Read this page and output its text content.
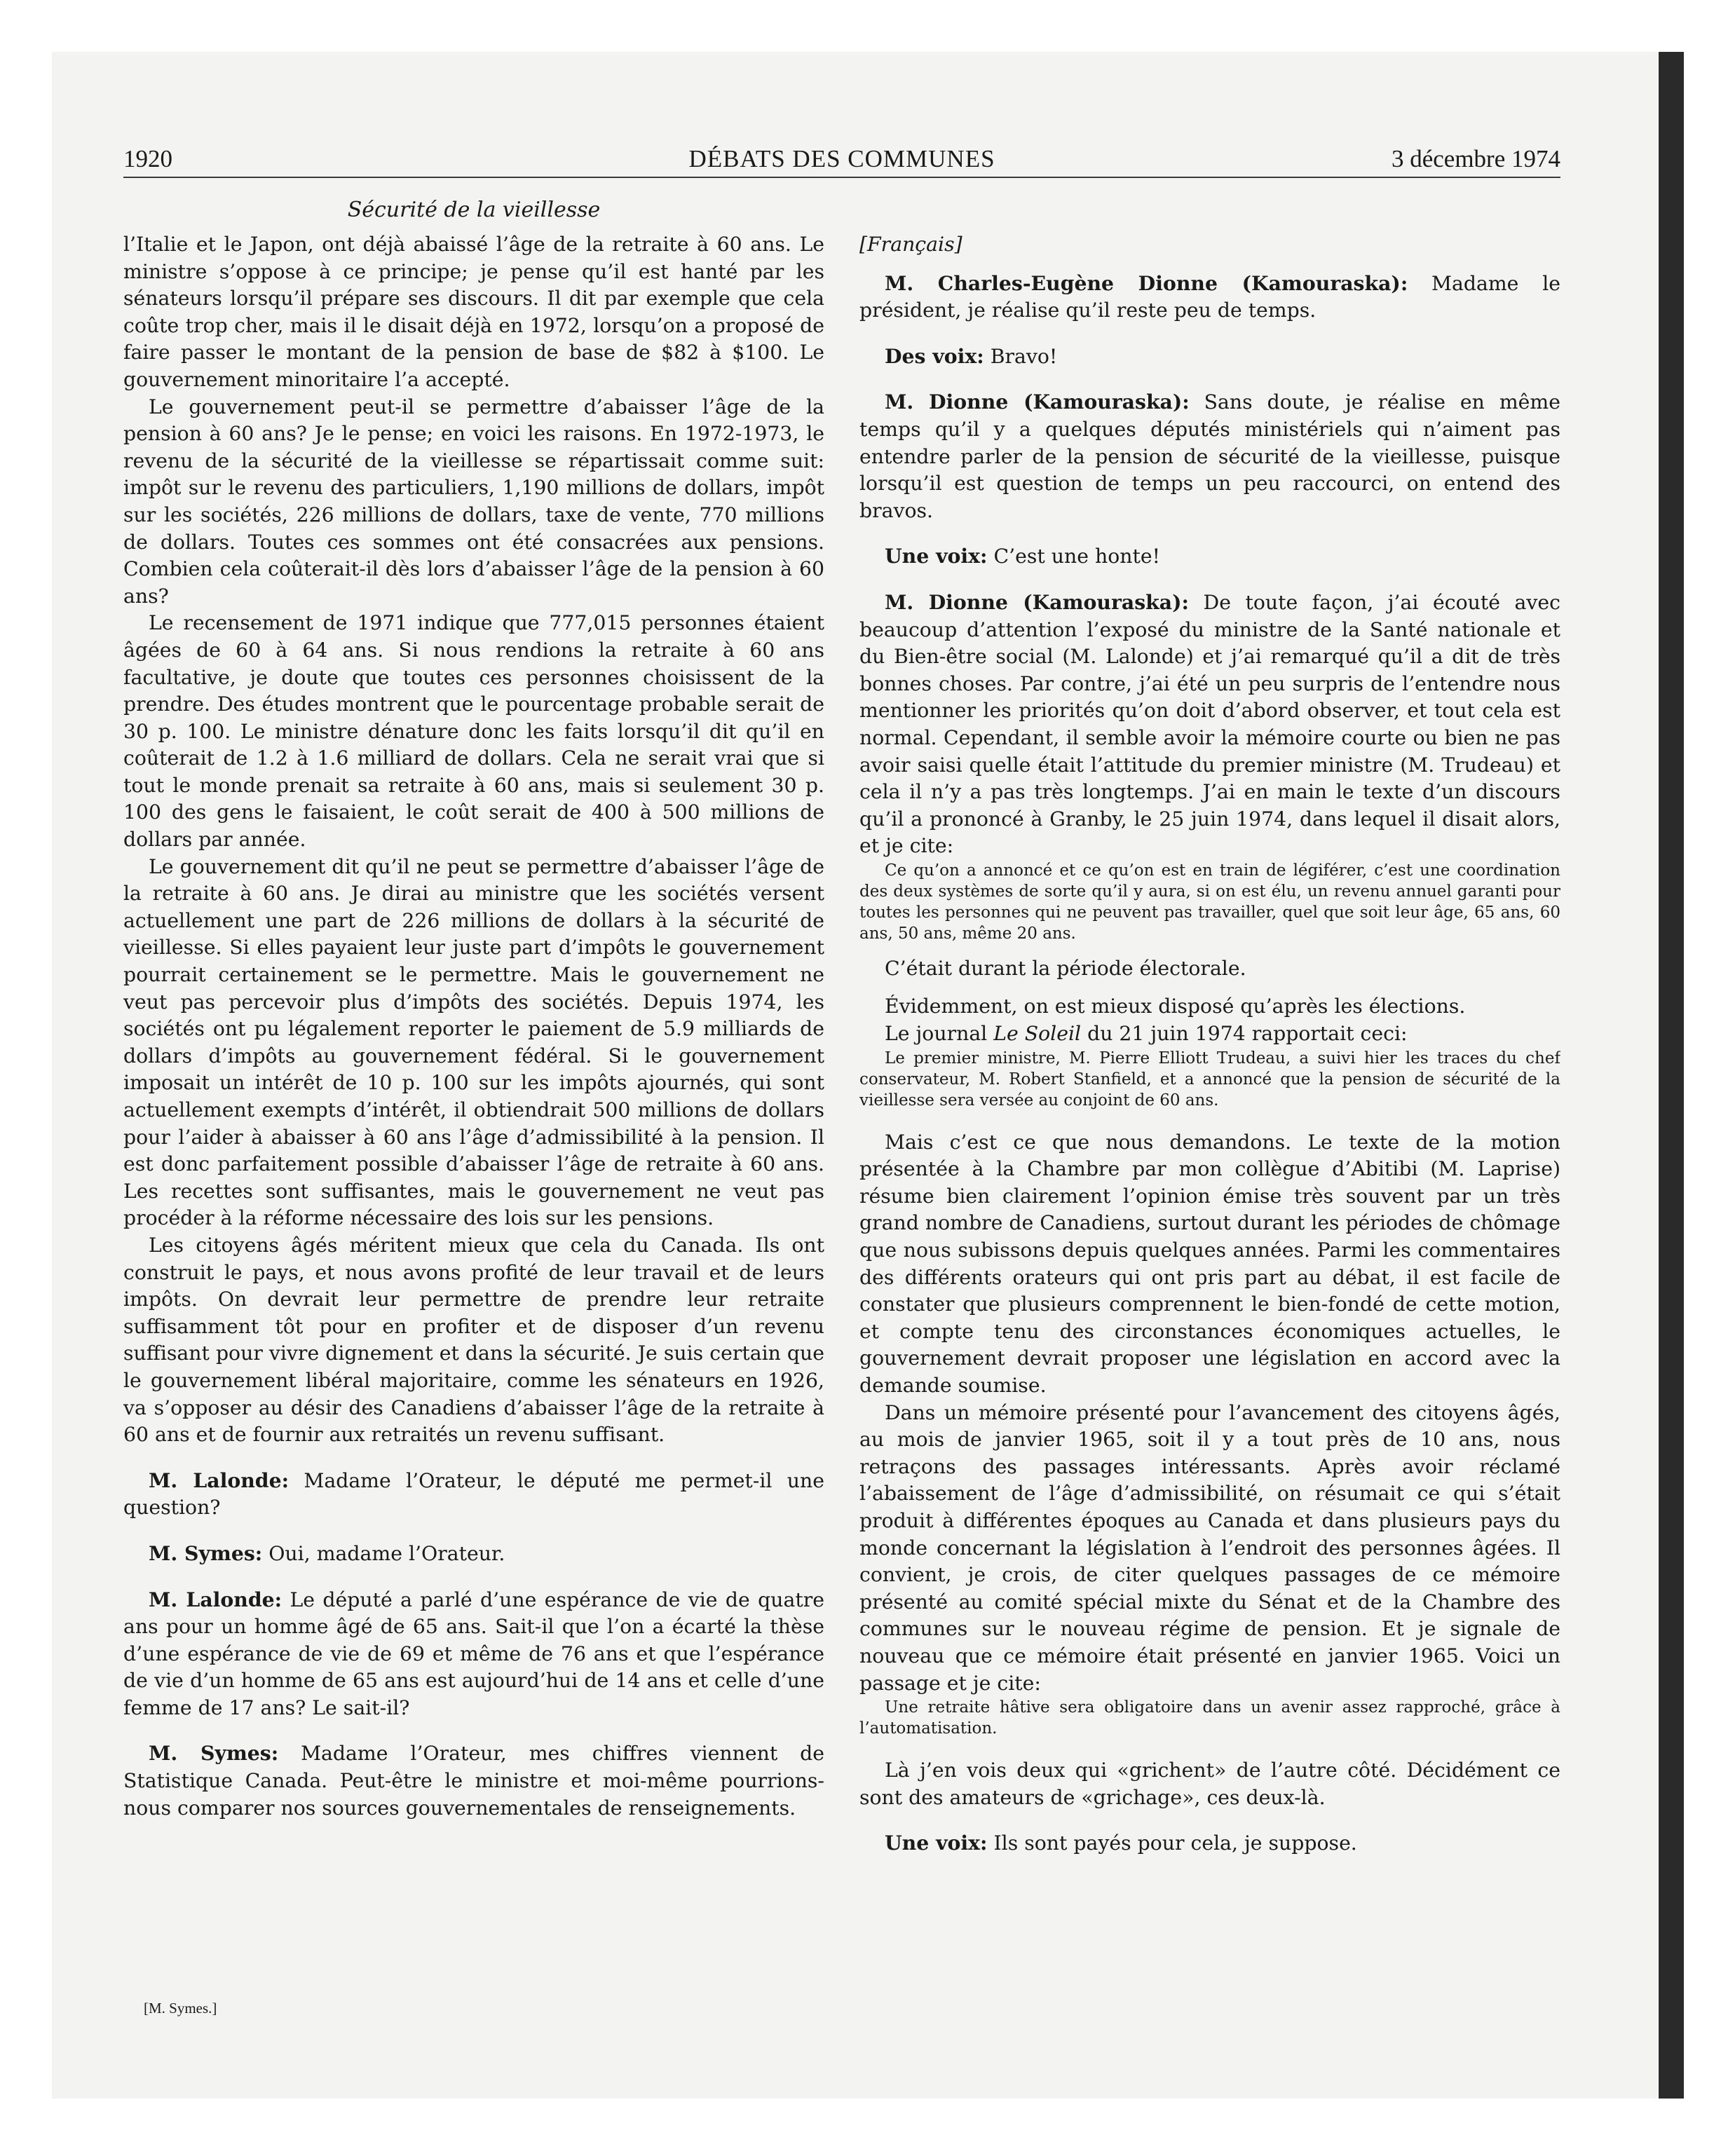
1920	DÉBATS DES COMMUNES	3 décembre 1974
Sécurité de la vieillesse

l’Italie et le Japon, ont déjà abaissé l’âge de la retraite à 60 ans. Le ministre s’oppose à ce principe; je pense qu’il est hanté par les sénateurs lorsqu’il prépare ses discours. Il dit par exemple que cela coûte trop cher, mais il le disait déjà en 1972, lorsqu’on a proposé de faire passer le montant de la pension de base de $82 à $100. Le gouvernement minoritaire l’a accepté.

Le gouvernement peut-il se permettre d’abaisser l’âge de la pension à 60 ans? Je le pense; en voici les raisons. En 1972-1973, le revenu de la sécurité de la vieillesse se répartissait comme suit: impôt sur le revenu des particuliers, 1,190 millions de dollars, impôt sur les sociétés, 226 millions de dollars, taxe de vente, 770 millions de dollars. Toutes ces sommes ont été consacrées aux pensions. Combien cela coûterait-il dès lors d’abaisser l’âge de la pension à 60 ans?

Le recensement de 1971 indique que 777,015 personnes étaient âgées de 60 à 64 ans. Si nous rendions la retraite à 60 ans facultative, je doute que toutes ces personnes choisissent de la prendre. Des études montrent que le pourcentage probable serait de 30 p. 100. Le ministre dénature donc les faits lorsqu’il dit qu’il en coûterait de 1.2 à 1.6 milliard de dollars. Cela ne serait vrai que si tout le monde prenait sa retraite à 60 ans, mais si seulement 30 p. 100 des gens le faisaient, le coût serait de 400 à 500 millions de dollars par année.

Le gouvernement dit qu’il ne peut se permettre d’abaisser l’âge de la retraite à 60 ans. Je dirai au ministre que les sociétés versent actuellement une part de 226 millions de dollars à la sécurité de vieillesse. Si elles payaient leur juste part d’impôts le gouvernement pourrait certainement se le permettre. Mais le gouvernement ne veut pas percevoir plus d’impôts des sociétés. Depuis 1974, les sociétés ont pu légalement reporter le paiement de 5.9 milliards de dollars d’impôts au gouvernement fédéral. Si le gouvernement imposait un intérêt de 10 p. 100 sur les impôts ajournés, qui sont actuellement exempts d’intérêt, il obtiendrait 500 millions de dollars pour l’aider à abaisser à 60 ans l’âge d’admissibilité à la pension. Il est donc parfaitement possible d’abaisser l’âge de retraite à 60 ans. Les recettes sont suffisantes, mais le gouvernement ne veut pas procéder à la réforme nécessaire des lois sur les pensions.

Les citoyens âgés méritent mieux que cela du Canada. Ils ont construit le pays, et nous avons profité de leur travail et de leurs impôts. On devrait leur permettre de prendre leur retraite suffisamment tôt pour en profiter et de disposer d’un revenu suffisant pour vivre dignement et dans la sécurité. Je suis certain que le gouvernement libéral majoritaire, comme les sénateurs en 1926, va s’opposer au désir des Canadiens d’abaisser l’âge de la retraite à 60 ans et de fournir aux retraités un revenu suffisant.

M. Lalonde: Madame l’Orateur, le député me permet-il une question?

M. Symes: Oui, madame l’Orateur.

M. Lalonde: Le député a parlé d’une espérance de vie de quatre ans pour un homme âgé de 65 ans. Sait-il que l’on a écarté la thèse d’une espérance de vie de 69 et même de 76 ans et que l’espérance de vie d’un homme de 65 ans est aujourd’hui de 14 ans et celle d’une femme de 17 ans? Le sait-il?

M. Symes: Madame l’Orateur, mes chiffres viennent de Statistique Canada. Peut-être le ministre et moi-même pourrions-nous comparer nos sources gouvernementales de renseignements.

[M. Symes.]

[Français]

M. Charles-Eugène Dionne (Kamouraska): Madame le président, je réalise qu’il reste peu de temps.

Des voix: Bravo!

M. Dionne (Kamouraska): Sans doute, je réalise en même temps qu’il y a quelques députés ministériels qui n’aiment pas entendre parler de la pension de sécurité de la vieillesse, puisque lorsqu’il est question de temps un peu raccourci, on entend des bravos.

Une voix: C’est une honte!

M. Dionne (Kamouraska): De toute façon, j’ai écouté avec beaucoup d’attention l’exposé du ministre de la Santé nationale et du Bien-être social (M. Lalonde) et j’ai remarqué qu’il a dit de très bonnes choses. Par contre, j’ai été un peu surpris de l’entendre nous mentionner les priorités qu’on doit d’abord observer, et tout cela est normal. Cependant, il semble avoir la mémoire courte ou bien ne pas avoir saisi quelle était l’attitude du premier ministre (M. Trudeau) et cela il n’y a pas très longtemps. J’ai en main le texte d’un discours qu’il a prononcé à Granby, le 25 juin 1974, dans lequel il disait alors, et je cite:

Ce qu’on a annoncé et ce qu’on est en train de légiférer, c’est une coordination des deux systèmes de sorte qu’il y aura, si on est élu, un revenu annuel garanti pour toutes les personnes qui ne peuvent pas travailler, quel que soit leur âge, 65 ans, 60 ans, 50 ans, même 20 ans.

C’était durant la période électorale.

Évidemment, on est mieux disposé qu’après les élections.

Le journal Le Soleil du 21 juin 1974 rapportait ceci:

Le premier ministre, M. Pierre Elliott Trudeau, a suivi hier les traces du chef conservateur, M. Robert Stanfield, et a annoncé que la pension de sécurité de la vieillesse sera versée au conjoint de 60 ans.

Mais c’est ce que nous demandons. Le texte de la motion présentée à la Chambre par mon collègue d’Abitibi (M. Laprise) résume bien clairement l’opinion émise très souvent par un très grand nombre de Canadiens, surtout durant les périodes de chômage que nous subissons depuis quelques années. Parmi les commentaires des différents orateurs qui ont pris part au débat, il est facile de constater que plusieurs comprennent le bien-fondé de cette motion, et compte tenu des circonstances économiques actuelles, le gouvernement devrait proposer une législation en accord avec la demande soumise.

Dans un mémoire présenté pour l’avancement des citoyens âgés, au mois de janvier 1965, soit il y a tout près de 10 ans, nous retraçons des passages intéressants. Après avoir réclamé l’abaissement de l’âge d’admissibilité, on résumait ce qui s’était produit à différentes époques au Canada et dans plusieurs pays du monde concernant la législation à l’endroit des personnes âgées. Il convient, je crois, de citer quelques passages de ce mémoire présenté au comité spécial mixte du Sénat et de la Chambre des communes sur le nouveau régime de pension. Et je signale de nouveau que ce mémoire était présenté en janvier 1965. Voici un passage et je cite:

Une retraite hâtive sera obligatoire dans un avenir assez rapproché, grâce à l’automatisation.

Là j’en vois deux qui «grichent» de l’autre côté. Décidément ce sont des amateurs de «grichage», ces deux-là.

Une voix: Ils sont payés pour cela, je suppose.
